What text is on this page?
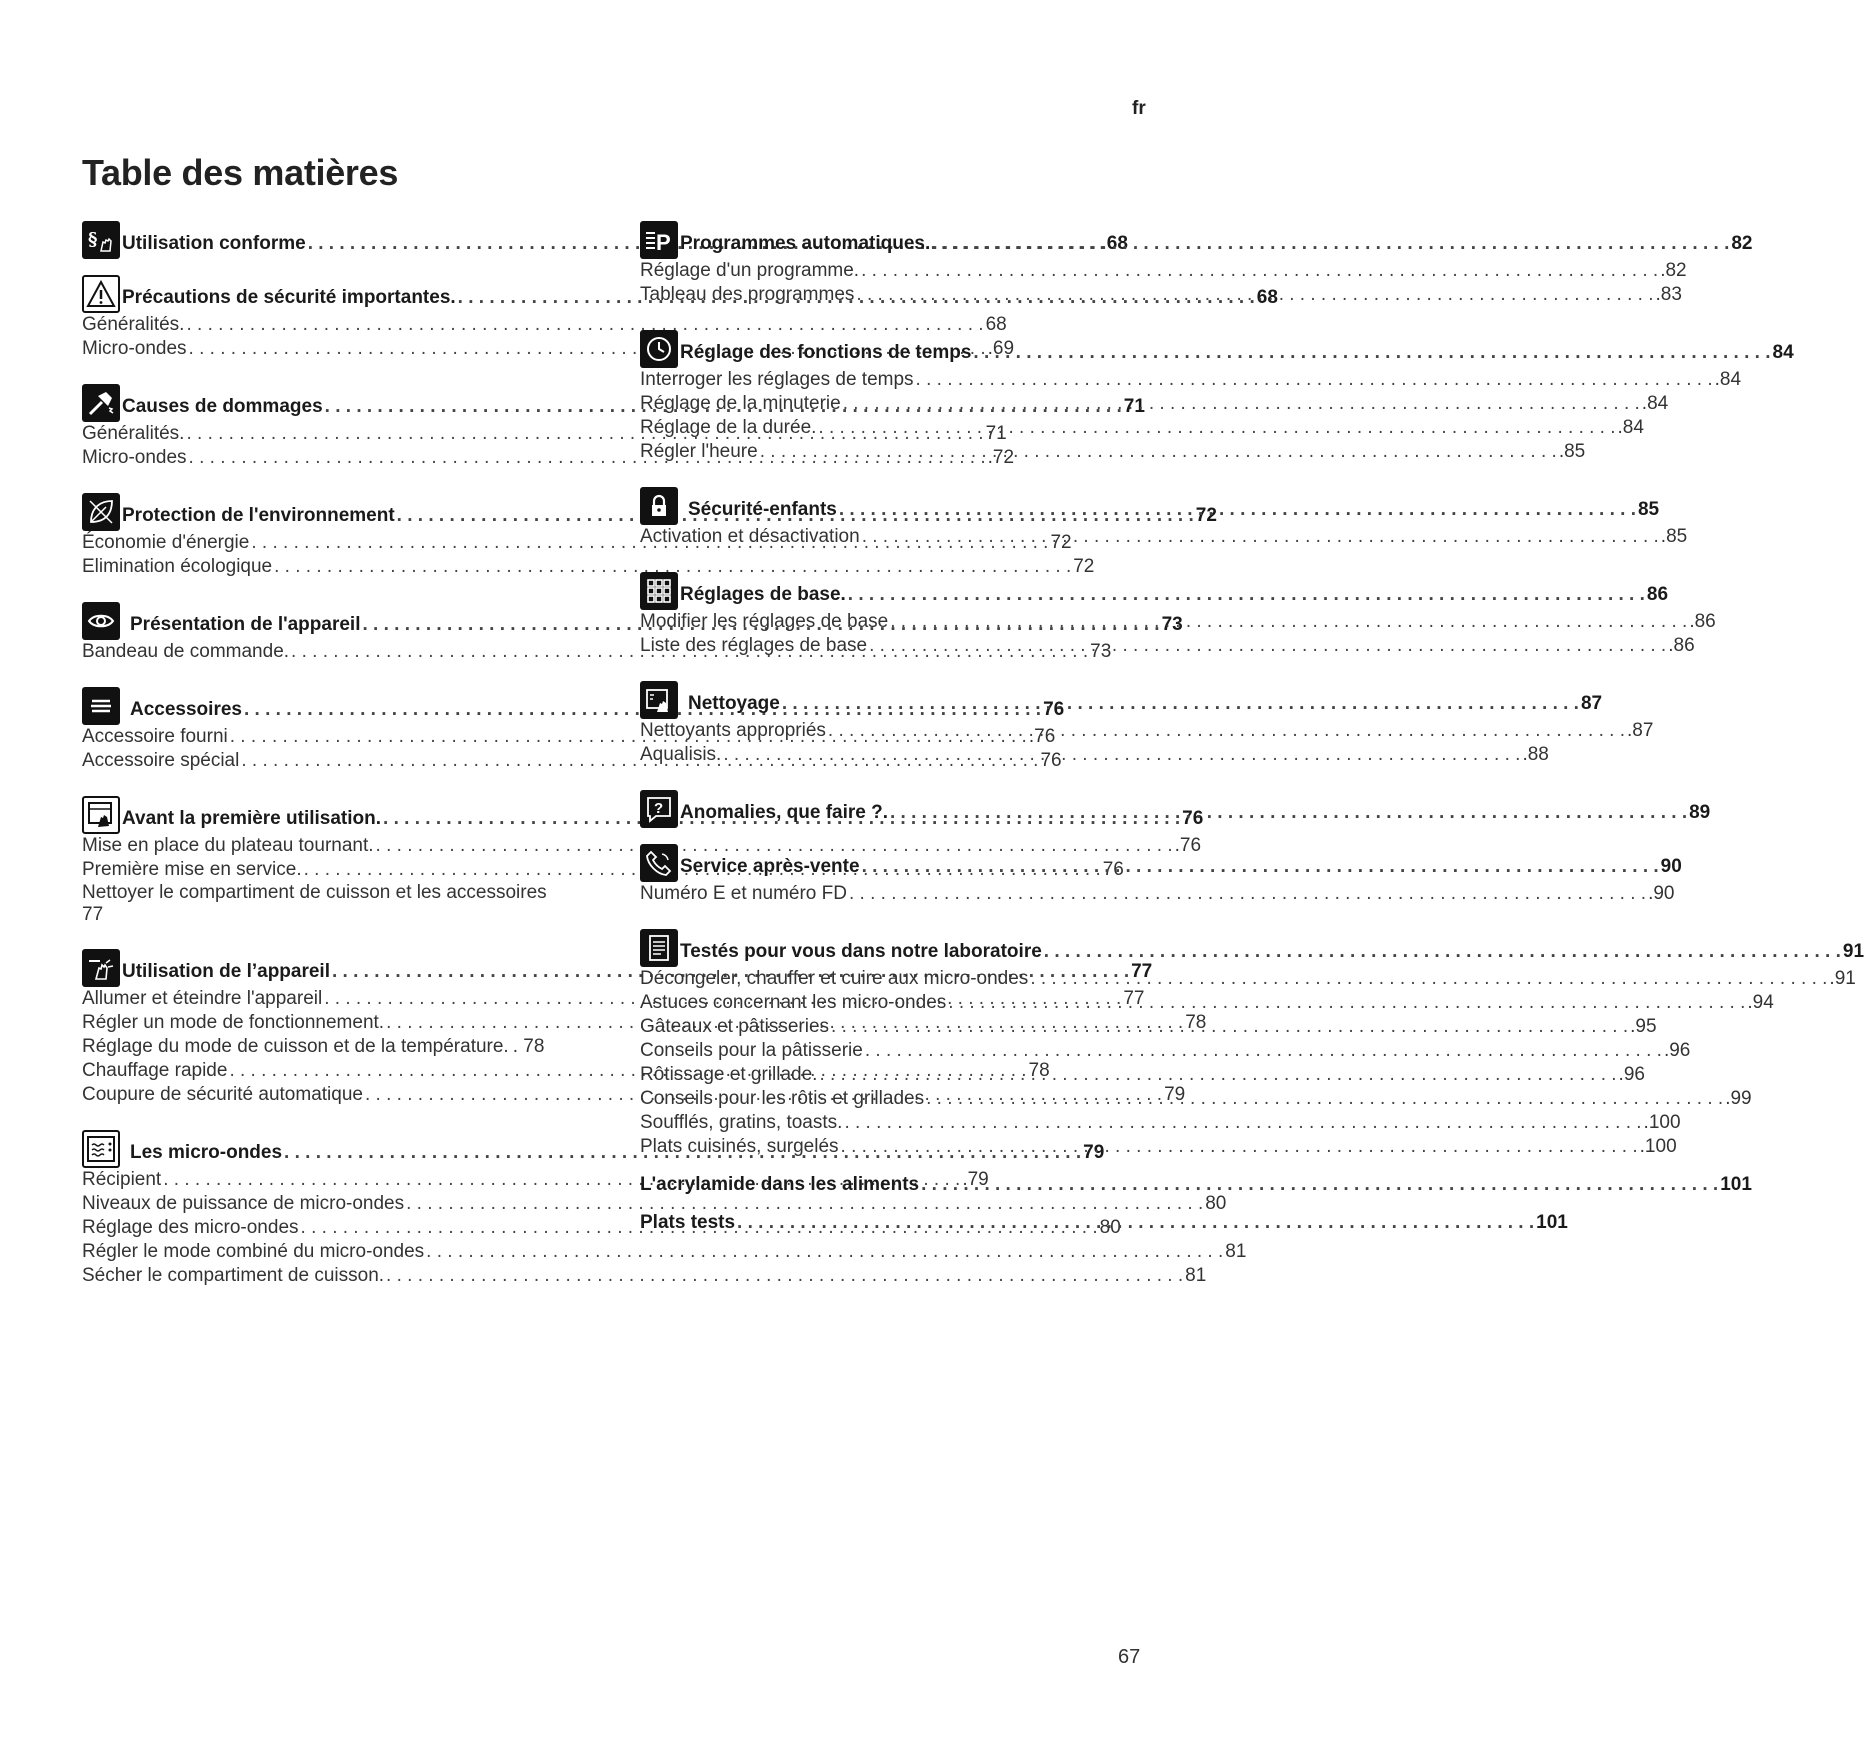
fr
Table des matières
§ Utilisation conforme . . .	68
Précautions de sécurité importantes. . . .	68
Généralités. . . .	68
Micro-ondes . . .	.69
Causes de dommages . . .	71
Généralités. . . .	71
Micro-ondes . . .	.72
Protection de l'environnement . . .	72
Économie d'énergie . . .	72
Elimination écologique . . .	72
Présentation de l'appareil . . .	73
Bandeau de commande. . . .	73
Accessoires . . .	76
Accessoire fourni . . .	.76
Accessoire spécial . . .	76
Avant la première utilisation. . . .	76
Mise en place du plateau tournant. . . .	.76
Première mise en service. . . .	76
Nettoyer le compartiment de cuisson et les accessoires
77
Utilisation de l’appareil . . .	77
Allumer et éteindre l'appareil . . .	77
Régler un mode de fonctionnement. . . .	78
Réglage du mode de cuisson et de la température. . 78
Chauffage rapide . . .	78
Coupure de sécurité automatique . . .	79
Les micro-ondes . . .	79
Récipient . . .	.79
Niveaux de puissance de micro-ondes . . .	80
Réglage des micro-ondes . . .	80
Régler le mode combiné du micro-ondes . . .	81
Sécher le compartiment de cuisson. . . .	81
P Programmes automatiques. . . .	82
Réglage d'un programme. . . .	.82
Tableau des programmes . . .	.83
Réglage des fonctions de temps . . .	84
Interroger les réglages de temps . . .	.84
Réglage de la minuterie . . .	.84
Réglage de la durée. . . .	.84
Régler l'heure . . .	.85
Sécurité-enfants . . .	85
Activation et désactivation . . .	.85
Réglages de base. . . .	86
Modifier les réglages de base . . .	.86
Liste des réglages de base . . .	.86
Nettoyage . . .	87
Nettoyants appropriés . . .	.87
Aqualisis. . . .	.88
? Anomalies, que faire ?. . . .	89
Service après-vente . . .	90
Numéro E et numéro FD . . .	.90
Testés pour vous dans notre laboratoire . . .	91
Décongeler, chauffer et cuire aux micro-ondes . . .	.91
Astuces concernant les micro-ondes . . .	.94
Gâteaux et pâtisseries . . .	.95
Conseils pour la pâtisserie . . .	.96
Rôtissage et grillade. . . .	.96
Conseils pour les rôtis et grillades . . .	.99
Soufflés, gratins, toasts. . . .	.100
Plats cuisinés, surgelés . . .	.100
L'acrylamide dans les aliments . . .	101
Plats tests . . .	101
67
